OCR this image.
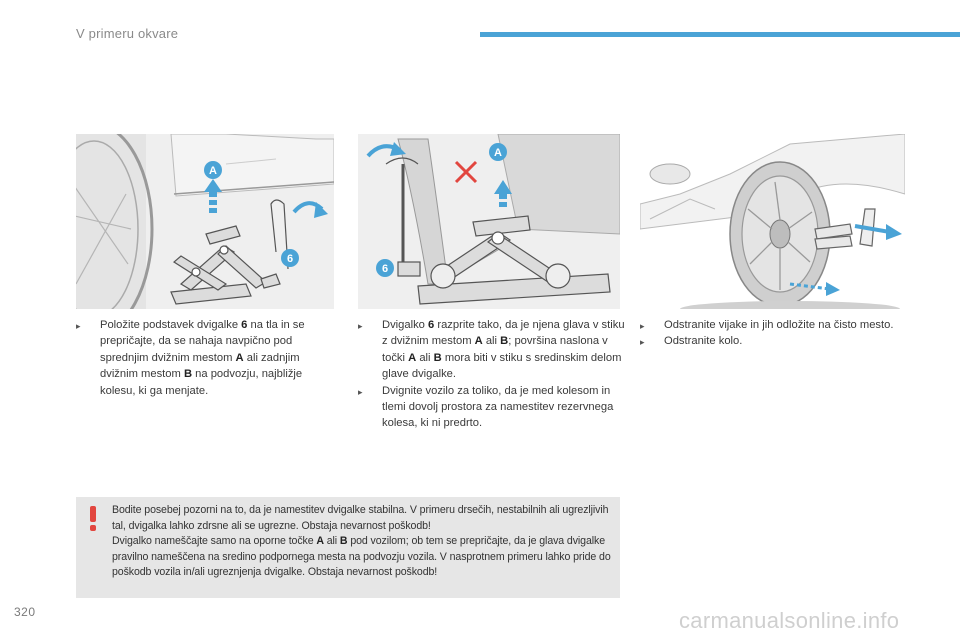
V primeru okvare
A
6
A
6
▸ Položite podstavek dvigalke 6 na tla in se prepričajte, da se nahaja navpično pod sprednjim dvižnim mestom A ali zadnjim dvižnim mestom B na podvozju, najbližje kolesu, ki ga menjate.
▸ Dvigalko 6 razprite tako, da je njena glava v stiku z dvižnim mestom A ali B; površina naslona v točki A ali B mora biti v stiku s sredinskim delom glave dvigalke.
▸ Dvignite vozilo za toliko, da je med kolesom in tlemi dovolj prostora za namestitev rezervnega kolesa, ki ni predrto.
▸ Odstranite vijake in jih odložite na čisto mesto.
▸ Odstranite kolo.
Bodite posebej pozorni na to, da je namestitev dvigalke stabilna. V primeru drsečih, nestabilnih ali ugrezljivih tal, dvigalka lahko zdrsne ali se ugrezne. Obstaja nevarnost poškodb!
Dvigalko nameščajte samo na oporne točke A ali B pod vozilom; ob tem se prepričajte, da je glava dvigalke pravilno nameščena na sredino podpornega mesta na podvozju vozila. V nasprotnem primeru lahko pride do poškodb vozila in/ali ugreznjenja dvigalke. Obstaja nevarnost poškodb!
320	carmanualsonline.info
